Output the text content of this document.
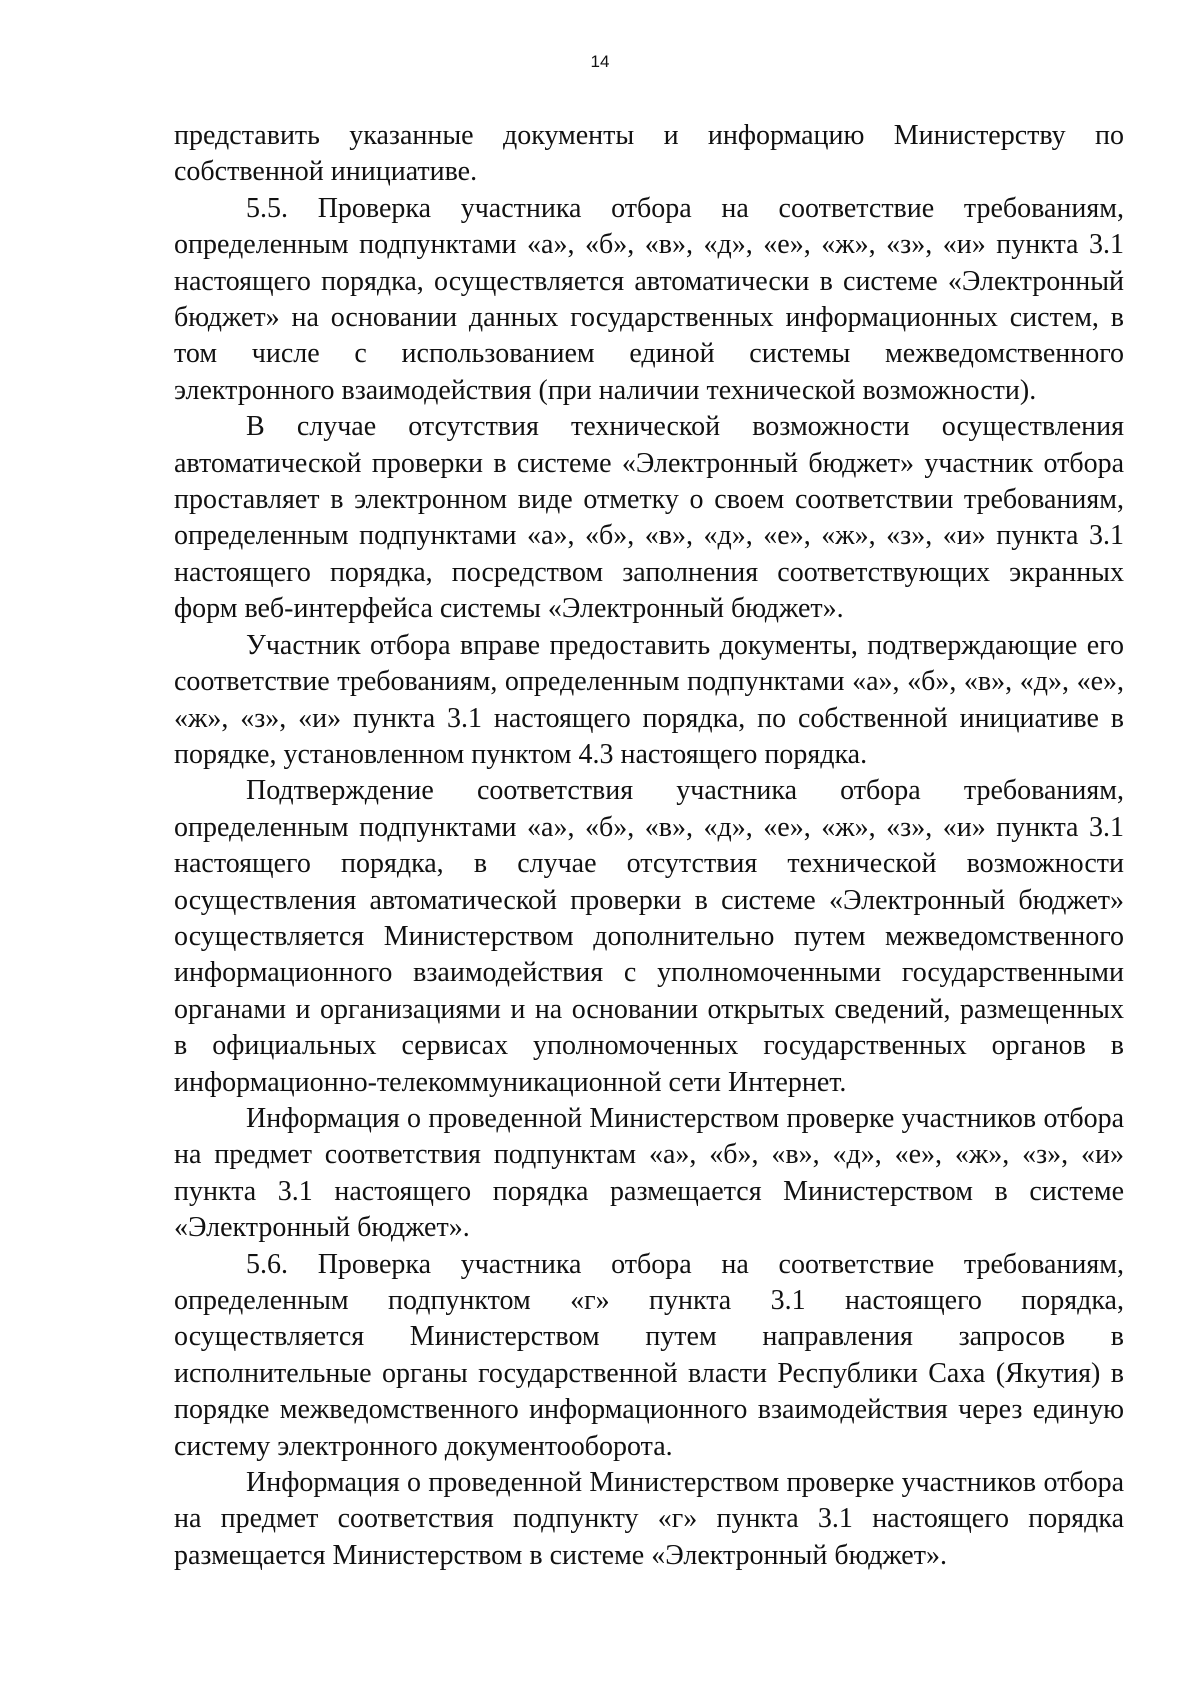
14

представить указанные документы и информацию Министерству по собственной инициативе.

5.5. Проверка участника отбора на соответствие требованиям, определенным подпунктами «а», «б», «в», «д», «е», «ж», «з», «и» пункта 3.1 настоящего порядка, осуществляется автоматически в системе «Электронный бюджет» на основании данных государственных информационных систем, в том числе с использованием единой системы межведомственного электронного взаимодействия (при наличии технической возможности).

В случае отсутствия технической возможности осуществления автоматической проверки в системе «Электронный бюджет» участник отбора проставляет в электронном виде отметку о своем соответствии требованиям, определенным подпунктами «а», «б», «в», «д», «е», «ж», «з», «и» пункта 3.1 настоящего порядка, посредством заполнения соответствующих экранных форм веб-интерфейса системы «Электронный бюджет».

Участник отбора вправе предоставить документы, подтверждающие его соответствие требованиям, определенным подпунктами «а», «б», «в», «д», «е», «ж», «з», «и» пункта 3.1 настоящего порядка, по собственной инициативе в порядке, установленном пунктом 4.3 настоящего порядка.

Подтверждение соответствия участника отбора требованиям, определенным подпунктами «а», «б», «в», «д», «е», «ж», «з», «и» пункта 3.1 настоящего порядка, в случае отсутствия технической возможности осуществления автоматической проверки в системе «Электронный бюджет» осуществляется Министерством дополнительно путем межведомственного информационного взаимодействия с уполномоченными государственными органами и организациями и на основании открытых сведений, размещенных в официальных сервисах уполномоченных государственных органов в информационно-телекоммуникационной сети Интернет.

Информация о проведенной Министерством проверке участников отбора на предмет соответствия подпунктам «а», «б», «в», «д», «е», «ж», «з», «и» пункта 3.1 настоящего порядка размещается Министерством в системе «Электронный бюджет».

5.6. Проверка участника отбора на соответствие требованиям, определенным подпунктом «г» пункта 3.1 настоящего порядка, осуществляется Министерством путем направления запросов в исполнительные органы государственной власти Республики Саха (Якутия) в порядке межведомственного информационного взаимодействия через единую систему электронного документооборота.

Информация о проведенной Министерством проверке участников отбора на предмет соответствия подпункту «г» пункта 3.1 настоящего порядка размещается Министерством в системе «Электронный бюджет».
